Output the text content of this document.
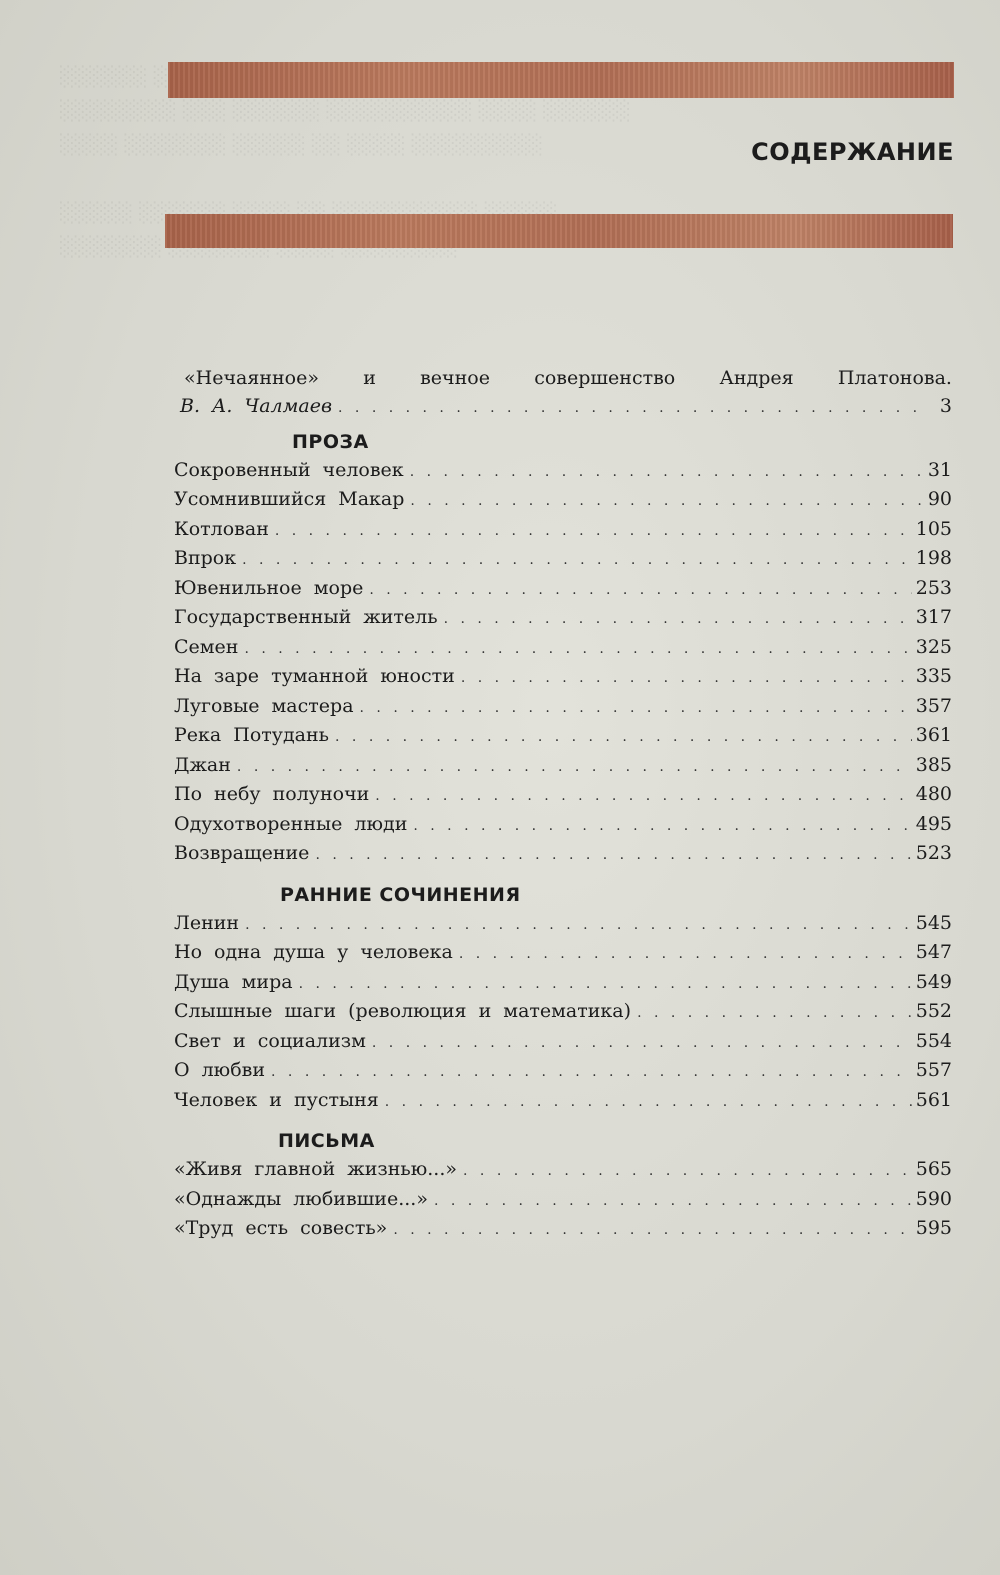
СОДЕРЖАНИЕ
«Нечаянное» и вечное совершенство Андрея Платонова.
В. А. Чалмаев . . .	3
ПРОЗА
Сокровенный человек . . .	31
Усомнившийся Макар . . .	90
Котлован . . .	105
Впрок . . .	198
Ювенильное море . . .	253
Государственный житель . . .	317
Семен . . .	325
На заре туманной юности . . .	335
Луговые мастера . . .	357
Река Потудань . . .	361
Джан . . .	385
По небу полуночи . . .	480
Одухотворенные люди . . .	495
Возвращение . . .	523
РАННИЕ СОЧИНЕНИЯ
Ленин . . .	545
Но одна душа у человека . . .	547
Душа мира . . .	549
Слышные шаги (революция и математика) . . .	552
Свет и социализм . . .	554
О любви . . .	557
Человек и пустыня . . .	561
ПИСЬМА
«Живя главной жизнью...» . . .	565
«Однажды любившие...» . . .	590
«Труд есть совесть» . . .	595
